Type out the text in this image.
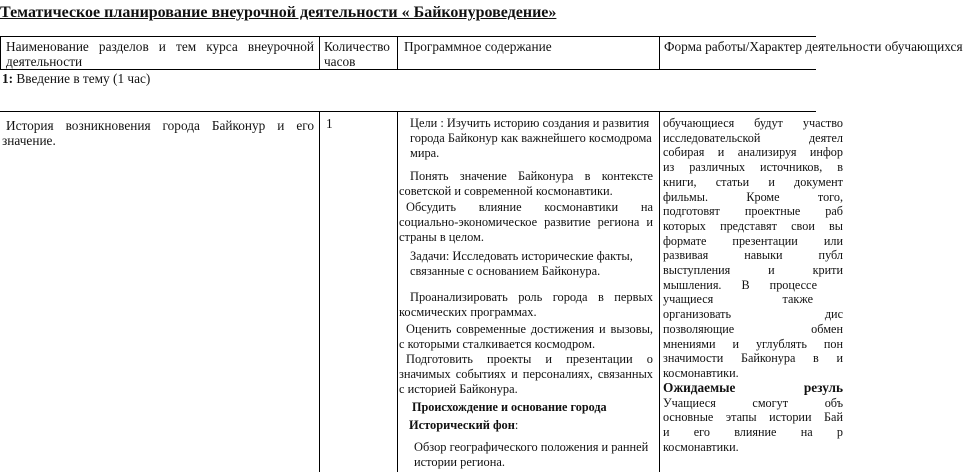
Тематическое планирование внеурочной деятельности « Байконуроведение»
Наименование разделов и тем курса внеурочной деятельности
Количество часов
Программное содержание	Форма работы/Характер деятельности обучающихся
1: Введение в тему (1 час)
История возникновения города Байконур и его значение.
1	Цели : Изучить историю создания и развития города Байконур как важнейшего космодрома мира.
Понять значение Байконура в контексте советской и современной космонавтики.
Обсудить влияние космонавтики на социально-экономическое развитие региона и страны в целом.
Задачи: Исследовать исторические факты, связанные с основанием Байконура.
Проанализировать роль города в первых космических программах.
Оценить современные достижения и вызовы, с которыми сталкивается космодром.
Подготовить проекты и презентации о значимых событиях и персоналиях, связанных с историей Байконура.
Происхождение и основание города
Исторический фон:
Обзор географического положения и ранней истории региона.
обучающиеся будут участво
исследовательской деятел
собирая и анализируя инфор
из различных источников, в
книги, статьи и документ
фильмы. Кроме того,
подготовят проектные раб
которых представят свои вы
формате презентации или
развивая навыки публ
выступления и крити
мышления. В процессе
учащиеся также
организовать дис
позволяющие обмен
мнениями и углублять пон
значимости Байконура в и
космонавтики.
Ожидаемые резуль
Учащиеся смогут объ
основные этапы истории Бай
и его влияние на р
космонавтики.
